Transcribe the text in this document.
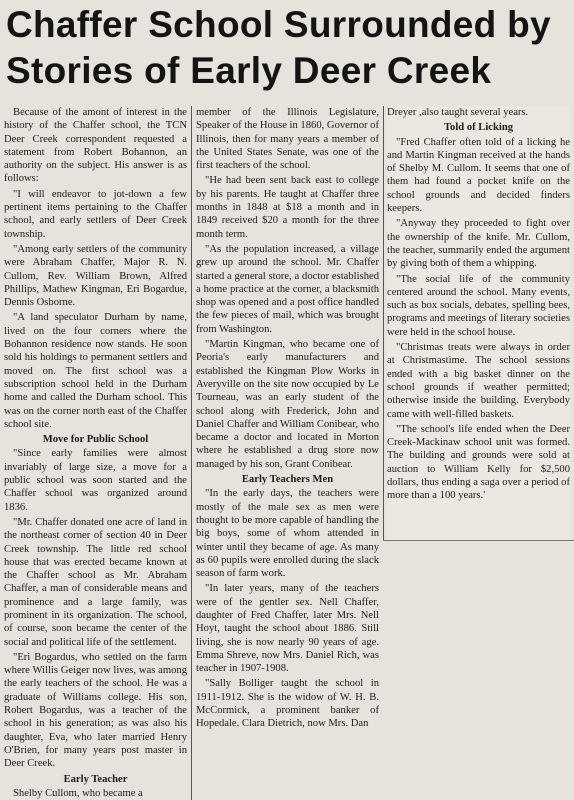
Chaffer School Surrounded by Stories of Early Deer Creek

Because of the amont of interest in the history of the Chaffer school, the TCN Deer Creek correspondent requested a statement from Robert Bohannon, an authority on the subject. His answer is as follows:

"I will endeavor to jot-down a few pertinent items pertaining to the Chaffer school, and early settlers of Deer Creek township.

"Among early settlers of the community were Abraham Chaffer, Major R. N. Cullom, Rev. William Brown, Alfred Phillips, Mathew Kingman, Eri Bogardue, Dennis Osborne.

"A land speculator Durham by name, lived on the four corners where the Bohannon residence now stands. He soon sold his holdings to permanent settlers and moved on. The first school was a subscription school held in the Durham home and called the Durham school. This was on the corner north east of the Chaffer school site.

Move for Public School

"Since early families were almost invariably of large size, a move for a public school was soon started and the Chaffer school was organized around 1836.

"Mr. Chaffer donated one acre of land in the northeast corner of section 40 in Deer Creek township. The little red school house that was erected became known at the Chaffer school as Mr. Abraham Chaffer, a man of considerable means and prominence and a large family, was prominent in its organization. The school, of course, soon became the center of the social and political life of the settlement.

"Eri Bogardus, who settled on the farm where Willis Geiger now lives, was among the early teachers of the school. He was a graduate of Williams college. His son, Robert Bogardus, was a teacher of the school in his generation; as was also his daughter, Eva, who later married Henry O'Brien, for many years post master in Deer Creek.

Early Teacher

Shelby Cullom, who became a

member of the Illinois Legislature, Speaker of the House in 1860, Governor of Illinois, then for many years a member of the United States Senate, was one of the first teachers of the school.

"He had been sent back east to college by his parents. He taught at Chaffer three months in 1848 at $18 a month and in 1849 received $20 a month for the three month term.

"As the population increased, a village grew up around the school. Mr. Chaffer started a general store, a doctor established a home practice at the corner, a blacksmith shop was opened and a post office handled the few pieces of mail, which was brought from Washington.

"Martin Kingman, who became one of Peoria's early manufacturers and established the Kingman Plow Works in Averyville on the site now occupied by Le Tourneau, was an early student of the school along with Frederick, John and Daniel Chaffer and William Conibear, who became a doctor and located in Morton where he established a drug store now managed by his son, Grant Conibear.

Early Teachers Men

"In the early days, the teachers were mostly of the male sex as men were thought to be more capable of handling the big boys, some of whom attended in winter until they became of age. As many as 60 pupils were enrolled during the slack season of farm work.

"In later years, many of the teachers were of the gentler sex. Nell Chaffer, daughter of Fred Chaffer, later Mrs. Nell Hoyt, taught the school about 1886. Still living, she is now nearly 90 years of age. Emma Shreve, now Mrs. Daniel Rich, was teacher in 1907-1908.

"Sally Bolliger taught the school in 1911-1912. She is the widow of W. H. B. McCormick, a prominent banker of Hopedale. Clara Dietrich, now Mrs. Dan

Dreyer ,also taught several years.

Told of Licking

"Fred Chaffer often told of a licking he and Martin Kingman received at the hands of Shelby M. Cullom. It seems that one of them had found a pocket knife on the school grounds and decided finders keepers.

"Anyway they proceeded to fight over the ownership of the knife. Mr. Cullom, the teacher, summarily ended the argument by giving both of them a whipping.

"The social life of the community centered around the school. Many events, such as box socials, debates, spelling bees, programs and meetings of literary societies were held in the school house.

"Christmas treats were always in order at Christmastime. The school sessions ended with a big basket dinner on the school grounds if weather permitted; otherwise inside the building. Everybody came with well-filled baskets.

"The school's life ended when the Deer Creek-Mackinaw school unit was formed. The building and grounds were sold at auction to William Kelly for $2,500 dollars, thus ending a saga over a period of more than a 100 years.'
